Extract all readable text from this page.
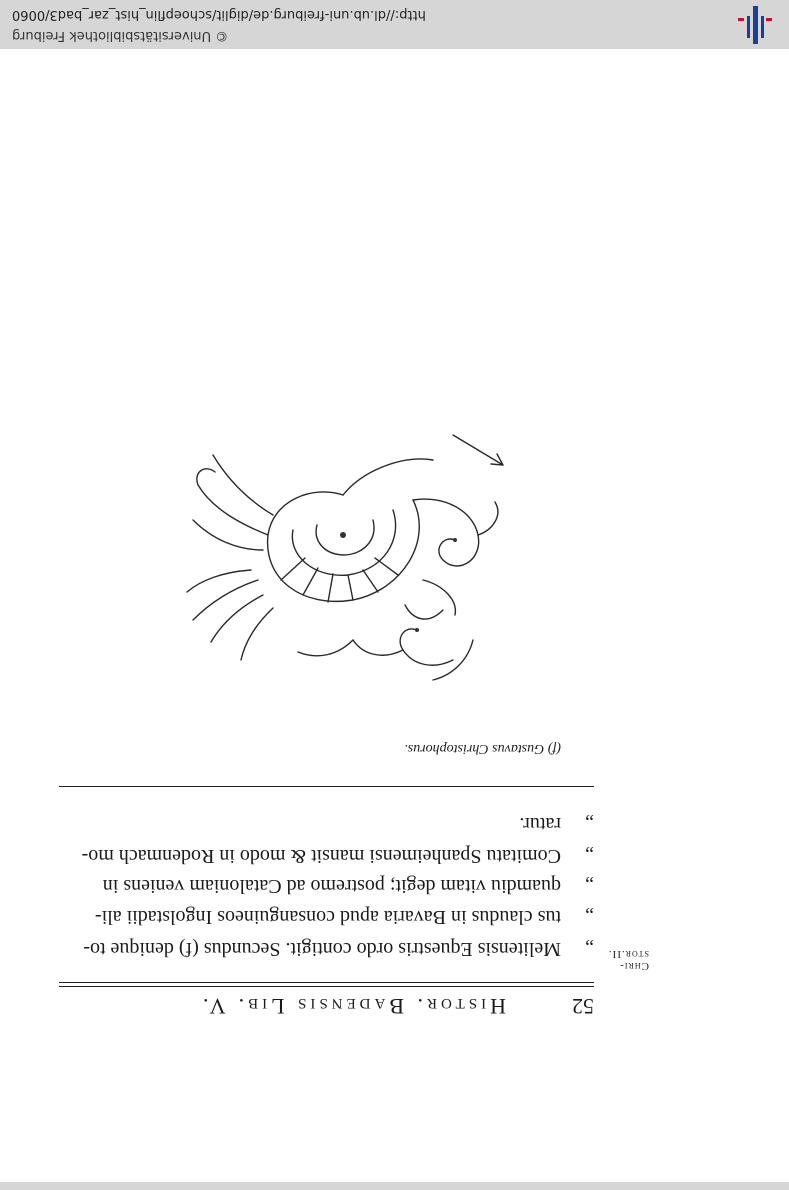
52
Histor. Badensis Lib. V.
Chri-
stor.II.
„
Melitensis Equestris ordo contigit. Secundus (f) denique to-
„
tus claudus in Bavaria apud consanguineos Ingolstadii ali-
„
quamdiu vitam degit; postremo ad Cataloniam veniens in
„
Comitatu Spanheimensi mansit & modo in Rodenmach mo-
„
ratur.
(f) Gustavus Christophorus.
© Universitätsbibliothek Freiburg
http://dl.ub.uni-freiburg.de/diglit/schoepflin_hist_zar_bad3/0060
